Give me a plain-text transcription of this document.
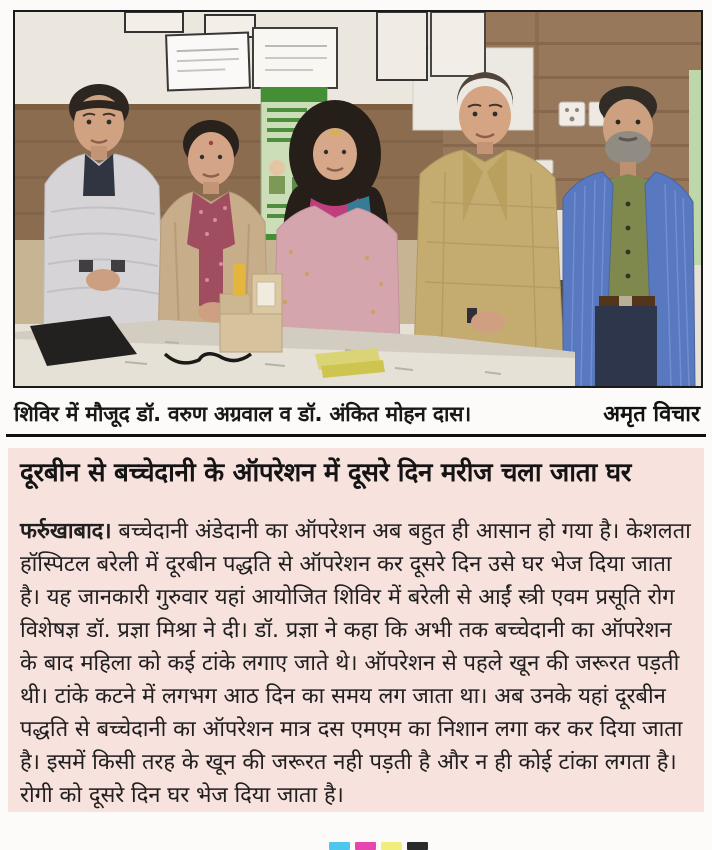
शिविर में मौजूद डॉ. वरुण अग्रवाल व डॉ. अंकित मोहन दास।	अमृत विचार
दूरबीन से बच्चेदानी के ऑपरेशन में दूसरे दिन मरीज चला जाता घर

फर्रुखाबाद। बच्चेदानी अंडेदानी का ऑपरेशन अब बहुत ही आसान हो गया है। केशलता हॉस्पिटल बरेली में दूरबीन पद्धति से ऑपरेशन कर दूसरे दिन उसे घर भेज दिया जाता है। यह जानकारी गुरुवार यहां आयोजित शिविर में बरेली से आईं स्त्री एवम प्रसूति रोग विशेषज्ञ डॉ. प्रज्ञा मिश्रा ने दी। डॉ. प्रज्ञा ने कहा कि अभी तक बच्चेदानी का ऑपरेशन के बाद महिला को कई टांके लगाए जाते थे। ऑपरेशन से पहले खून की जरूरत पड़ती थी। टांके कटने में लगभग आठ दिन का समय लग जाता था। अब उनके यहां दूरबीन पद्धति से बच्चेदानी का ऑपरेशन मात्र दस एमएम का निशान लगा कर कर दिया जाता है। इसमें किसी तरह के खून की जरूरत नही पड़ती है और न ही कोई टांका लगता है। रोगी को दूसरे दिन घर भेज दिया जाता है।
